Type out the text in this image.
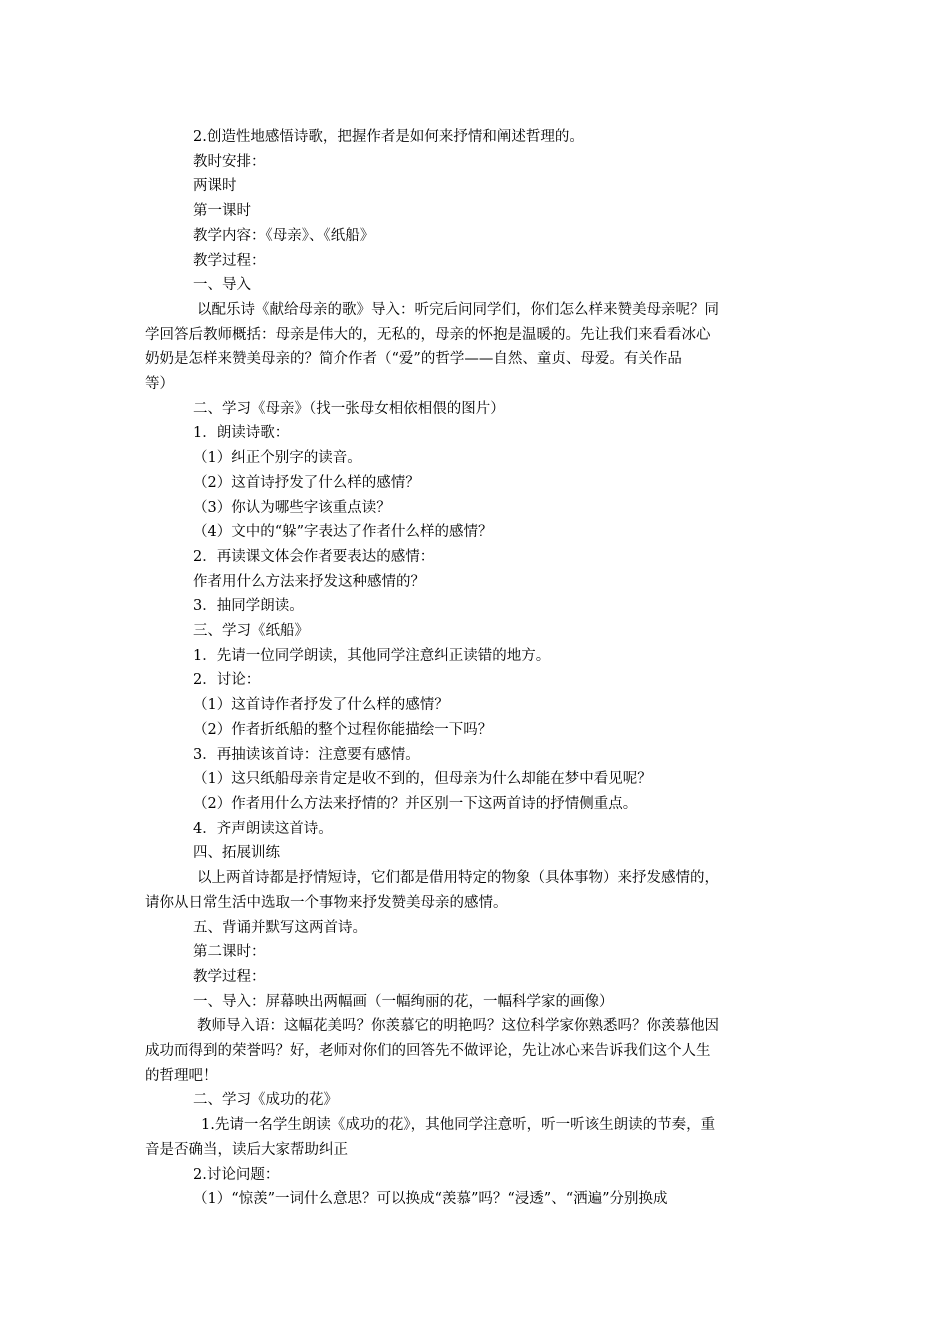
2.创造性地感悟诗歌，把握作者是如何来抒情和阐述哲理的。
教时安排：
两课时
第一课时
教学内容：《母亲》、《纸船》
教学过程：
一、导入
以配乐诗《献给母亲的歌》导入：听完后问同学们，你们怎么样来赞美母亲呢？同
学回答后教师概括：母亲是伟大的，无私的，母亲的怀抱是温暖的。先让我们来看看冰心
奶奶是怎样来赞美母亲的？简介作者（“爱”的哲学——自然、童贞、母爱。有关作品
等）
二、学习《母亲》（找一张母女相依相偎的图片）
1．朗读诗歌：
（1）纠正个别字的读音。
（2）这首诗抒发了什么样的感情？
（3）你认为哪些字该重点读？
（4）文中的“躲”字表达了作者什么样的感情？
2．再读课文体会作者要表达的感情：
作者用什么方法来抒发这种感情的？
3．抽同学朗读。
三、学习《纸船》
1．先请一位同学朗读，其他同学注意纠正读错的地方。
2．讨论：
（1）这首诗作者抒发了什么样的感情？
（2）作者折纸船的整个过程你能描绘一下吗？
3．再抽读该首诗：注意要有感情。
（1）这只纸船母亲肯定是收不到的，但母亲为什么却能在梦中看见呢？
（2）作者用什么方法来抒情的？并区别一下这两首诗的抒情侧重点。
4．齐声朗读这首诗。
四、拓展训练
以上两首诗都是抒情短诗，它们都是借用特定的物象（具体事物）来抒发感情的，
请你从日常生活中选取一个事物来抒发赞美母亲的感情。
五、背诵并默写这两首诗。
第二课时：
教学过程：
一、导入：屏幕映出两幅画（一幅绚丽的花，一幅科学家的画像）
教师导入语：这幅花美吗？你羡慕它的明艳吗？这位科学家你熟悉吗？你羡慕他因
成功而得到的荣誉吗？好，老师对你们的回答先不做评论，先让冰心来告诉我们这个人生
的哲理吧！
二、学习《成功的花》
1.先请一名学生朗读《成功的花》，其他同学注意听，听一听该生朗读的节奏，重
音是否确当，读后大家帮助纠正
2.讨论问题：
（1）“惊羡”一词什么意思？可以换成“羡慕”吗？“浸透”、“洒遍”分别换成
